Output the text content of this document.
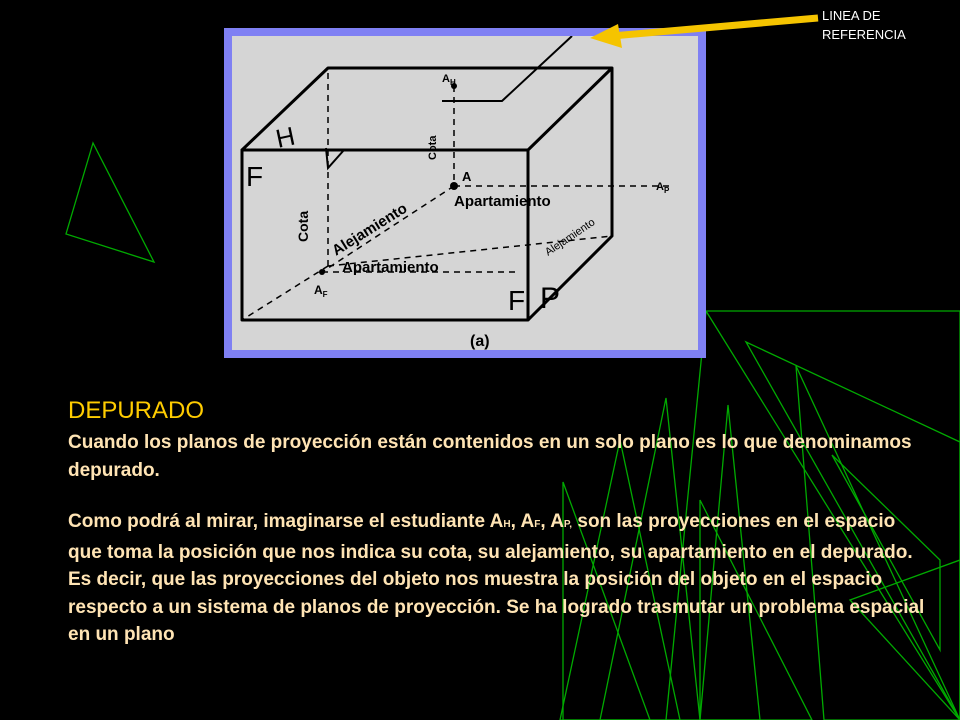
H
F
F P
A
$A_H$
$A_F$
$A_P$
Cota
Cota
Alejamiento	Apartamiento
Apartamiento
Alejamiento
(a)
LINEA DE REFERENCIA
DEPURADO

Cuando los planos de proyección están contenidos en un solo plano es lo que denominamos depurado.

Como podrá al mirar, imaginarse el estudiante AH, AF, AP, son las proyecciones en el espacio que toma la posición que nos indica su cota, su alejamiento, su apartamiento en el depurado.

Es decir, que las proyecciones del objeto nos muestra la posición del objeto en el espacio respecto a un sistema de planos de proyección. Se ha logrado trasmutar un problema espacial en un plano
